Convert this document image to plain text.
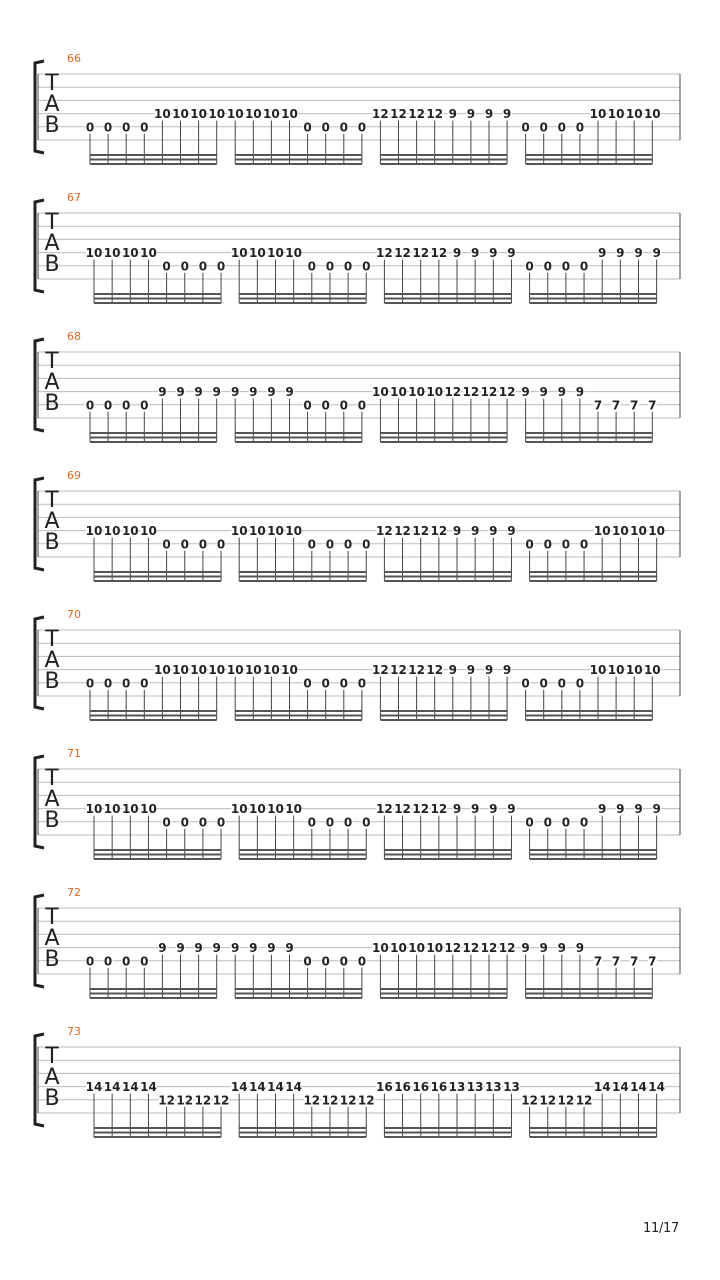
T
A
B
66
0 0 0 0
10 10 10 10 10 10 10 10
0 0 0 0
12 12 12 12 9 9 9 9
0 0 0 0
10 10 10 10
T
A
B
67
10 10 10 10
0 0 0 0
10 10 10 10
0 0 0 0
12 12 12 12 9 9 9 9
0 0 0 0
9 9 9 9
T
A
B
68
0 0 0 0
9 9 9 9 9 9 9 9
0 0 0 0
10 10 10 10 12 12 12 12 9 9 9 9
7 7 7 7
T
A
B
69
10 10 10 10
0 0 0 0
10 10 10 10
0 0 0 0
12 12 12 12 9 9 9 9
0 0 0 0
10 10 10 10
T
A
B
70
0 0 0 0
10 10 10 10 10 10 10 10
0 0 0 0
12 12 12 12 9 9 9 9
0 0 0 0
10 10 10 10
T
A
B
71
10 10 10 10
0 0 0 0
10 10 10 10
0 0 0 0
12 12 12 12 9 9 9 9
0 0 0 0
9 9 9 9
T
A
B
72
0 0 0 0
9 9 9 9 9 9 9 9
0 0 0 0
10 10 10 10 12 12 12 12 9 9 9 9
7 7 7 7
T
A
B
73
14 14 14 14
12 12 12 12
14 14 14 14
12 12 12 12
16 16 16 16 13 13 13 13
12 12 12 12
14 14 14 14
11/17
